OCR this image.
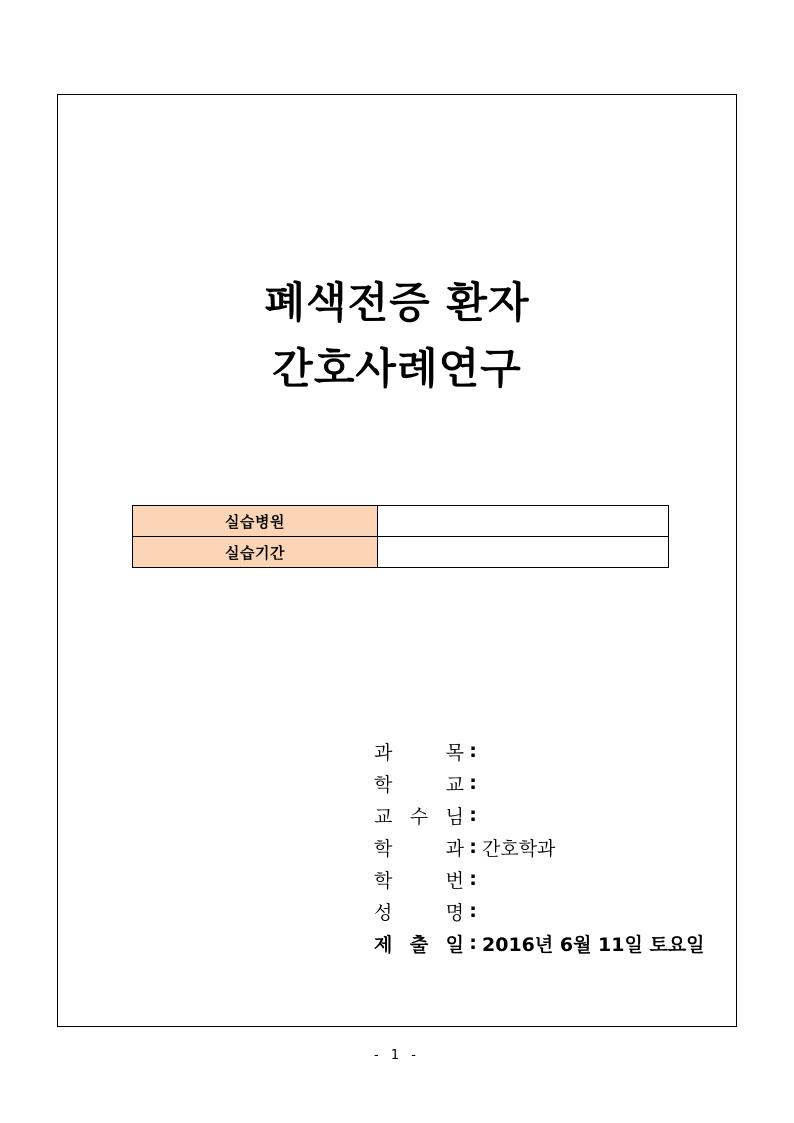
폐색전증 환자
간호사례연구
실습병원	
실습기간	
과	목 :
학	교 :
교 수 님 :
학	과 : 간호학과
학	번 :
성	명 :
제 출 일 : 2016년 6월 11일 토요일
- 1 -
